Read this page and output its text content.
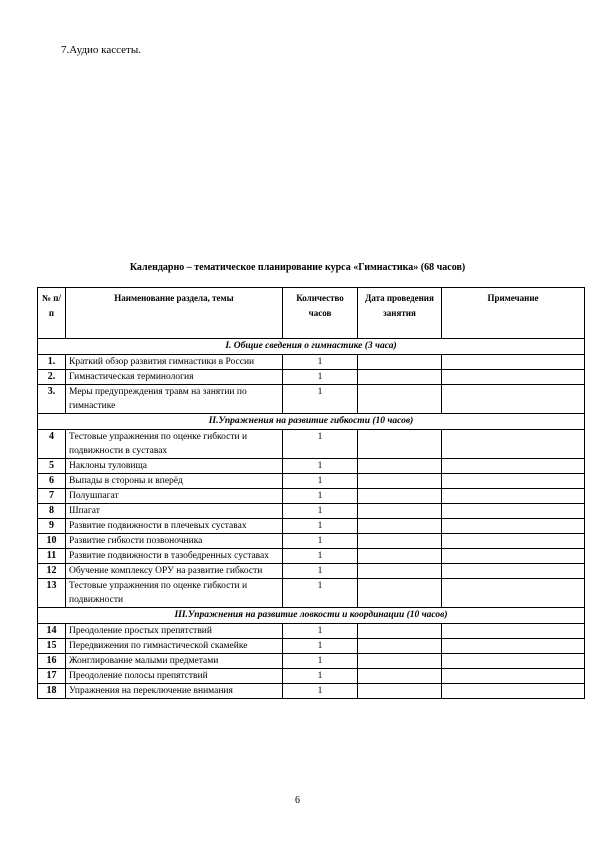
7.Аудио кассеты.
Календарно – тематическое планирование курса «Гимнастика» (68 часов)
№ п/п	Наименование раздела, темы	Количество часов	Дата проведения занятия	Примечание
I. Общие сведения о гимнастике (3 часа)				
1.	Краткий обзор развития гимнастики в России	1		
2.	Гимнастическая терминология	1		
3.	Меры предупреждения травм на занятии по гимнастике	1		
II.Упражнения на развитие гибкости (10 часов)				
4	Тестовые упражнения по оценке гибкости и подвижности в суставах	1		
5	Наклоны туловища	1		
6	Выпады в стороны и вперёд	1		
7	Полушпагат	1		
8	Шпагат	1		
9	Развитие подвижности в плечевых суставах	1		
10	Развитие гибкости позвоночника	1		
11	Развитие подвижности в тазобедренных суставах	1		
12	Обучение комплексу ОРУ на развитие гибкости	1		
13	Тестовые упражнения по оценке гибкости и подвижности	1		
III.Упражнения на развитие ловкости и координации (10 часов)				
14	Преодоление простых препятствий	1		
15	Передвижения по гимнастической скамейке	1		
16	Жонглирование малыми предметами	1		
17	Преодоление полосы препятствий	1		
18	Упражнения на переключение внимания	1		
6
